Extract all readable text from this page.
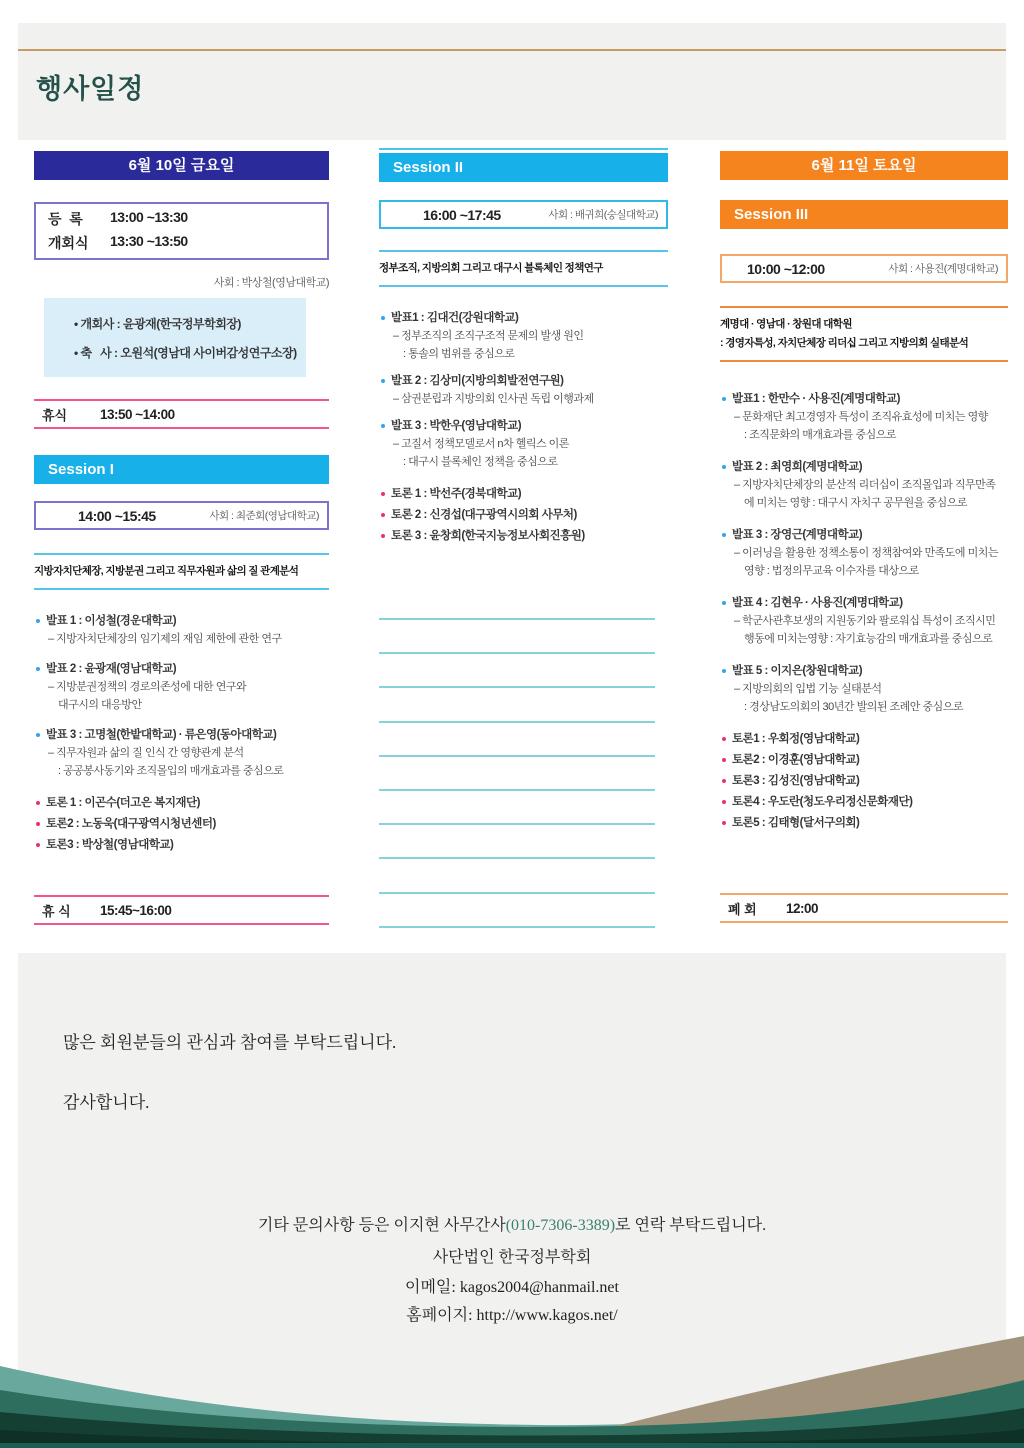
행사일정
6월 10일 금요일
등  록	13:00 ~13:30
개회식	13:30 ~13:50
사회 : 박상철(영남대학교)
• 개회사 : 윤광재(한국정부학회장)
• 축   사 : 오원석(영남대 사이버감성연구소장)
휴식	13:50 ~14:00
Session I
14:00 ~15:45	사회 : 최준회(영남대학교)
지방자치단체장, 지방분권 그리고 직무자원과 삶의 질 관계분석
발표 1 : 이성철(경운대학교)
– 지방자치단체장의 임기제의 재임 제한에 관한 연구
발표 2 : 윤광재(영남대학교)
– 지방분권정책의 경로의존성에 대한 연구와
대구시의 대응방안
발표 3 : 고명철(한밭대학교) · 류은영(동아대학교)
– 직무자원과 삶의 질 인식 간 영향관계 분석
: 공공봉사동기와 조직몰입의 매개효과를 중심으로
토론 1 : 이곤수(더고은 복지재단)
토론2 : 노동욱(대구광역시청년센터)
토론3 : 박상철(영남대학교)
휴 식	15:45~16:00
Session II
16:00 ~17:45	사회 : 배귀희(숭실대학교)
정부조직, 지방의회 그리고 대구시 블록체인 정책연구
발표1 : 김대건(강원대학교)
– 정부조직의 조직구조적 문제의 발생 원인
: 통솔의 범위를 중심으로
발표 2 : 김상미(지방의회발전연구원)
– 삼권분립과 지방의회 인사권 독립 이행과제
발표 3 : 박한우(영남대학교)
– 고질서 정책모델로서 n차 헬릭스 이론
: 대구시 블록체인 정책을 중심으로
토론 1 : 박선주(경북대학교)
토론 2 : 신경섭(대구광역시의회 사무처)
토론 3 : 윤창희(한국지능정보사회진흥원)
6월 11일 토요일
Session III
10:00 ~12:00	사회 : 사용진(계명대학교)
계명대 · 영남대 · 창원대 대학원
: 경영자특성, 자치단체장 리더십 그리고 지방의회 실태분석
발표1 : 한만수 · 사용진(계명대학교)
– 문화재단 최고경영자 특성이 조직유효성에 미치는 영향
: 조직문화의 매개효과를 중심으로
발표 2 : 최영희(계명대학교)
– 지방자치단체장의 분산적 리더십이 조직몰입과 직무만족
에 미치는 영향 : 대구시 자치구 공무원을 중심으로
발표 3 : 장영근(계명대학교)
– 이러닝을 활용한 정책소통이 정책참여와 만족도에 미치는
영향 : 법정의무교육 이수자를 대상으로
발표 4 : 김현우 · 사용진(계명대학교)
– 학군사관후보생의 지원동기와 팔로워십 특성이 조직시민
행동에 미치는영향 : 자기효능감의 매개효과를 중심으로
발표 5 : 이지은(창원대학교)
– 지방의회의 입법 기능 실태분석
: 경상남도의회의 30년간 발의된 조례안 중심으로
토론1 : 우회정(영남대학교)
토론2 : 이경훈(영남대학교)
토론3 : 김성진(영남대학교)
토론4 : 우도란(청도우리정신문화재단)
토론5 : 김태형(달서구의회)
폐 회	12:00
많은 회원분들의 관심과 참여를 부탁드립니다.
감사합니다.
기타 문의사항 등은 이지현 사무간사(010-7306-3389)로 연락 부탁드립니다.
사단법인 한국정부학회
이메일: kagos2004@hanmail.net
홈페이지: http://www.kagos.net/
